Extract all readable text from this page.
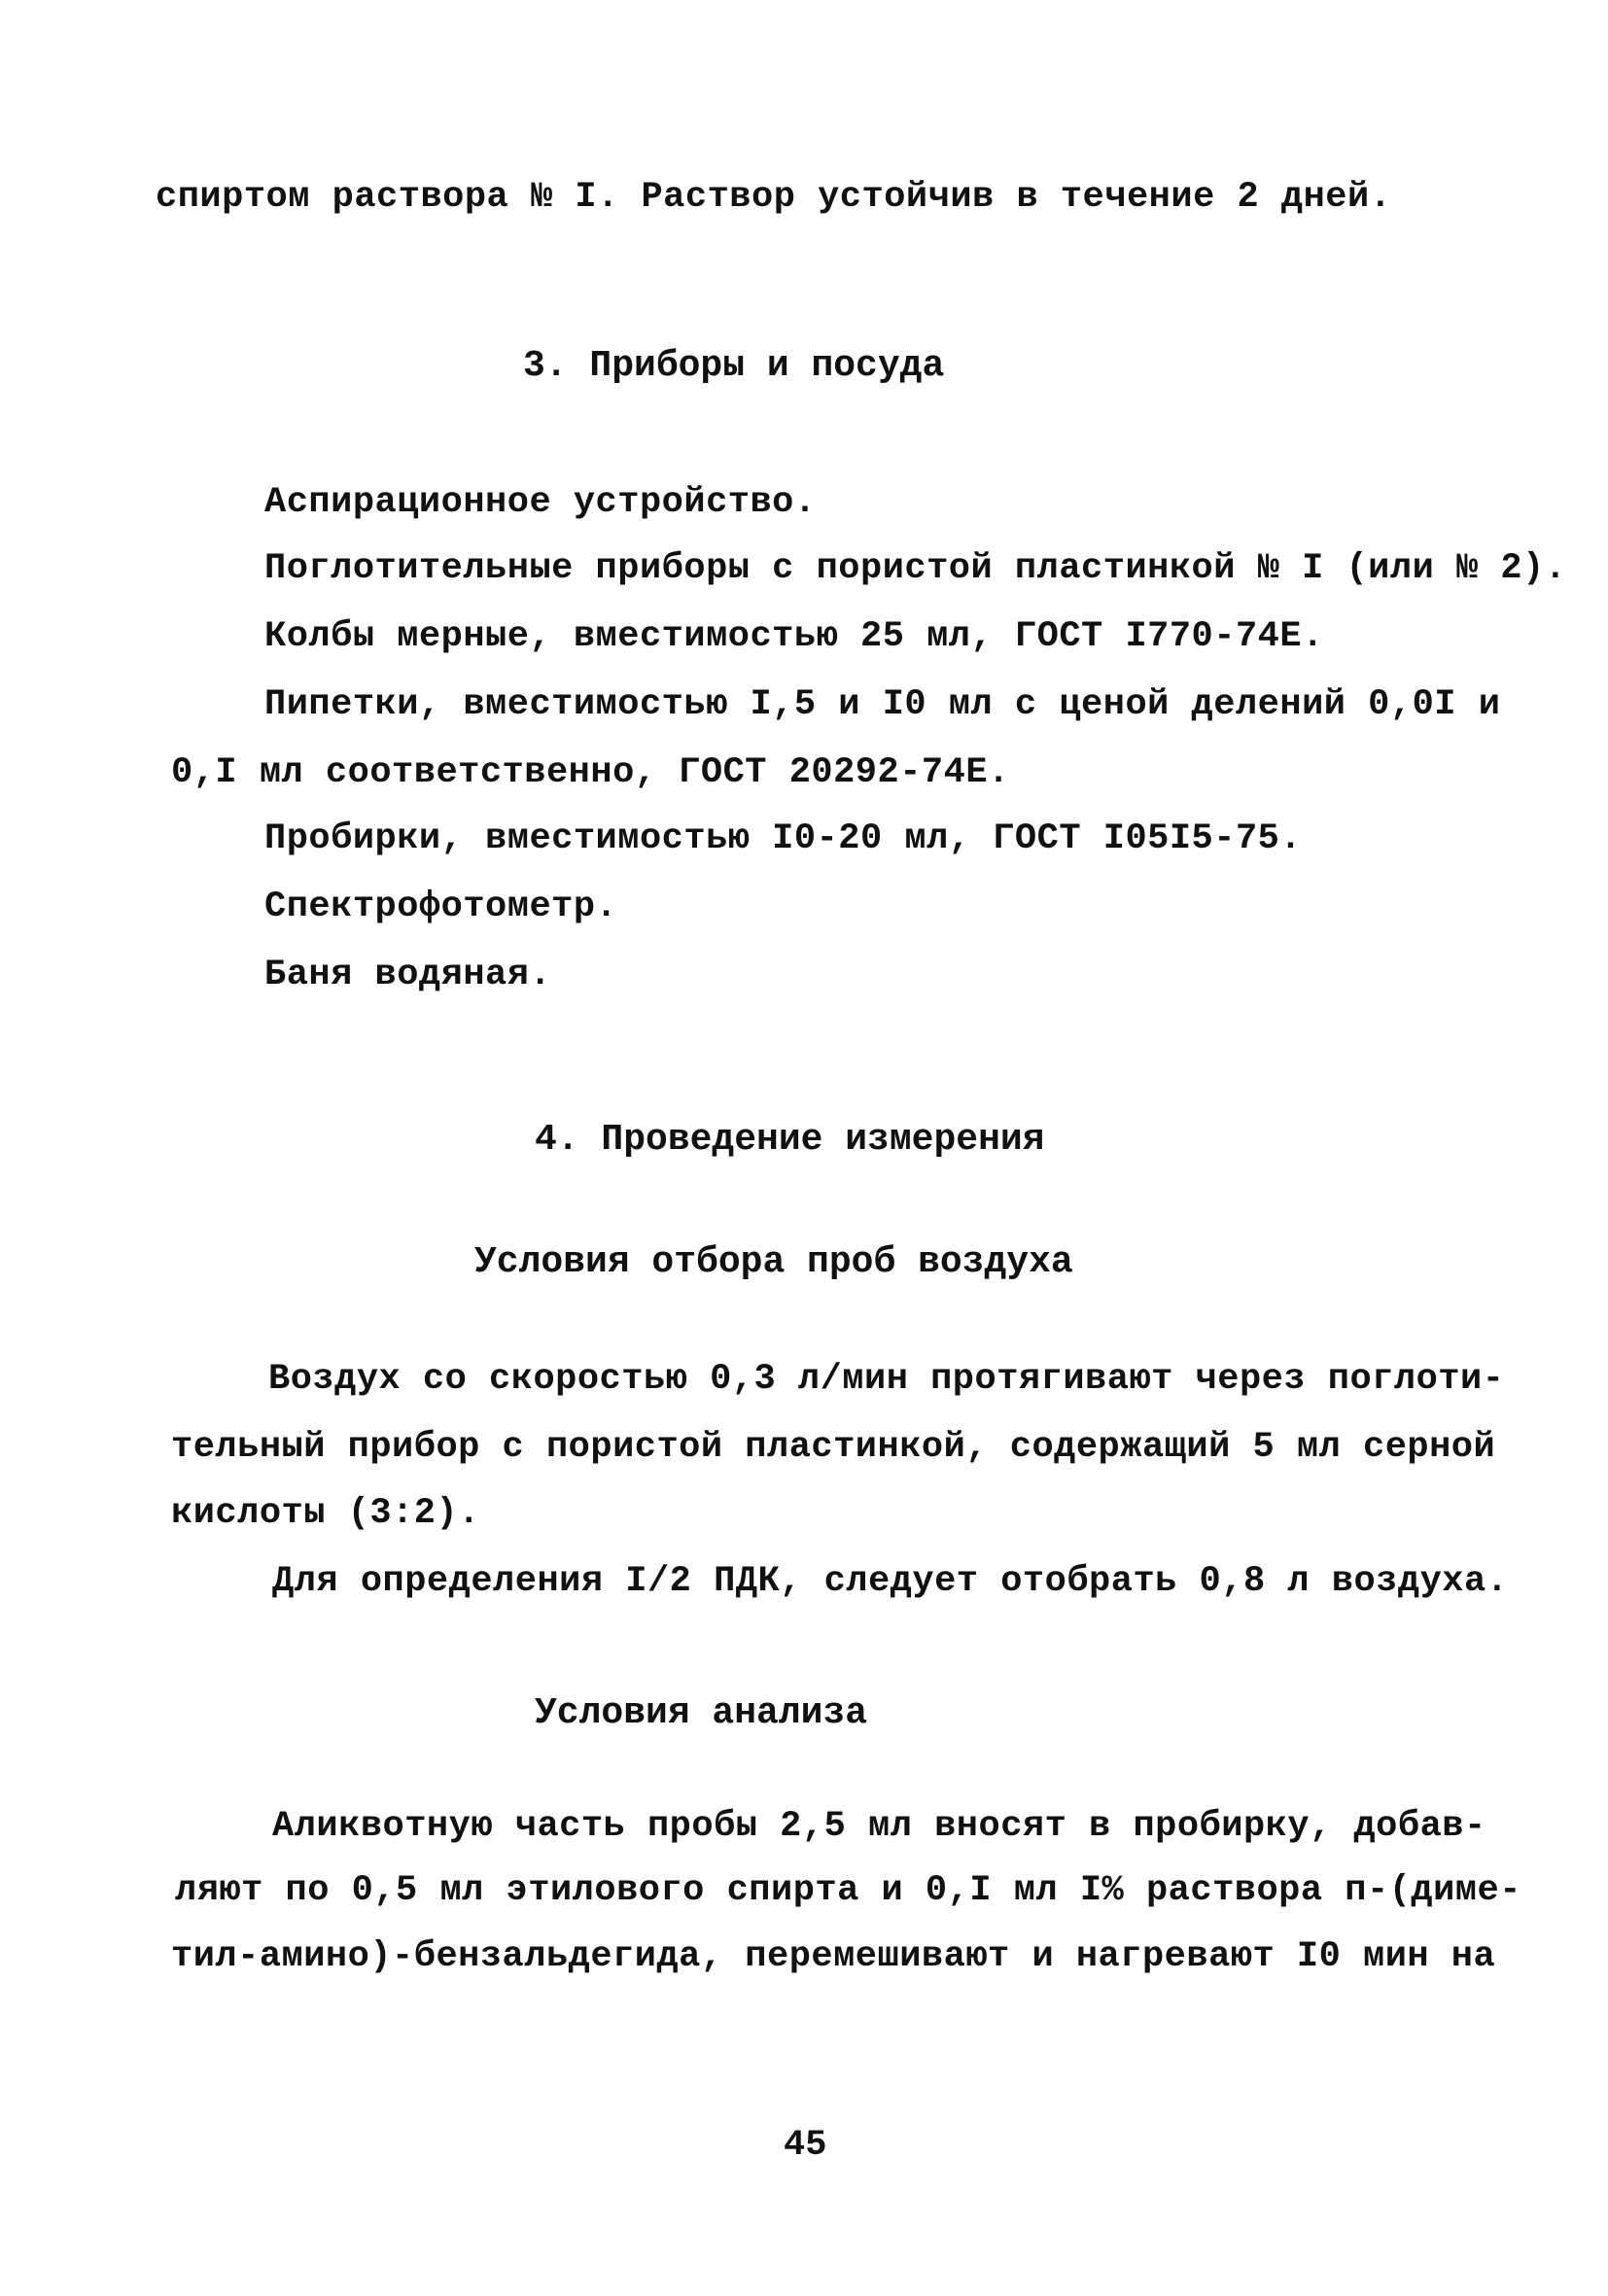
спиртом раствора № I. Раствор устойчив в течение 2 дней.
3. Приборы и посуда
Аспирационное устройство.
Поглотительные приборы с пористой пластинкой № I (или № 2).
Колбы мерные, вместимостью 25 мл, ГОСТ I770-74Е.
Пипетки, вместимостью I,5 и I0 мл с ценой делений 0,0I и
0,I мл соответственно, ГОСТ 20292-74Е.
Пробирки, вместимостью I0-20 мл, ГОСТ I05I5-75.
Спектрофотометр.
Баня водяная.
4. Проведение измерения
Условия отбора проб воздуха
Воздух со скоростью 0,3 л/мин протягивают через поглоти-
тельный прибор с пористой пластинкой, содержащий 5 мл серной
кислоты (3:2).
Для определения I/2 ПДК, следует отобрать 0,8 л воздуха.
Условия анализа
Аликвотную часть пробы 2,5 мл вносят в пробирку, добав-
ляют по 0,5 мл этилового спирта и 0,I мл I% раствора п-(диме-
тил-амино)-бензальдегида, перемешивают и нагревают I0 мин на
45
